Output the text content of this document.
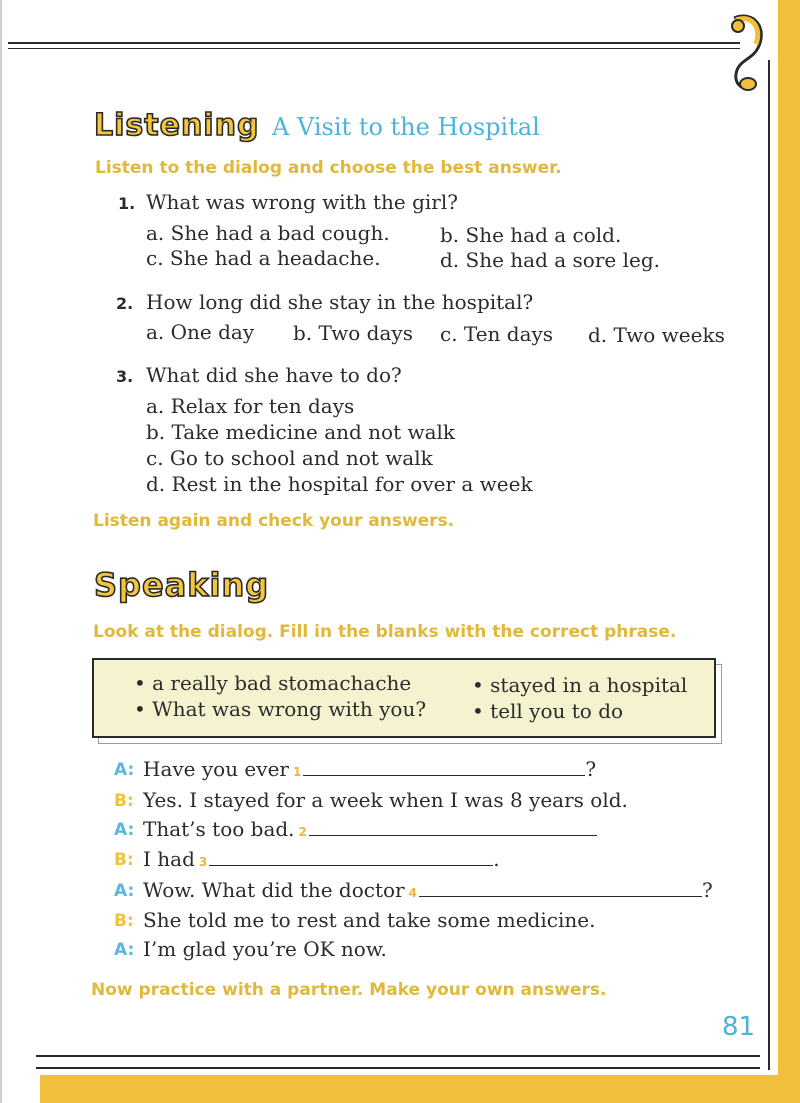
Listening A Visit to the Hospital
Listen to the dialog and choose the best answer.
1. What was wrong with the girl?
a. She had a bad cough.	b. She had a cold.
c. She had a headache.	d. She had a sore leg.
2. How long did she stay in the hospital?
a. One day b. Two days c. Ten days d. Two weeks
3. What did she have to do?
a. Relax for ten days
b. Take medicine and not walk
c. Go to school and not walk
d. Rest in the hospital for over a week
Listen again and check your answers.
Speaking
Look at the dialog. Fill in the blanks with the correct phrase.
• a really bad stomachache
• What was wrong with you?
• stayed in a hospital
• tell you to do
A: Have you ever 1	?
B: Yes. I stayed for a week when I was 8 years old.
A: That’s too bad. 2
B: I had 3	.
A: Wow. What did the doctor 4	?
B: She told me to rest and take some medicine.
A: I’m glad you’re OK now.
Now practice with a partner. Make your own answers.
81
